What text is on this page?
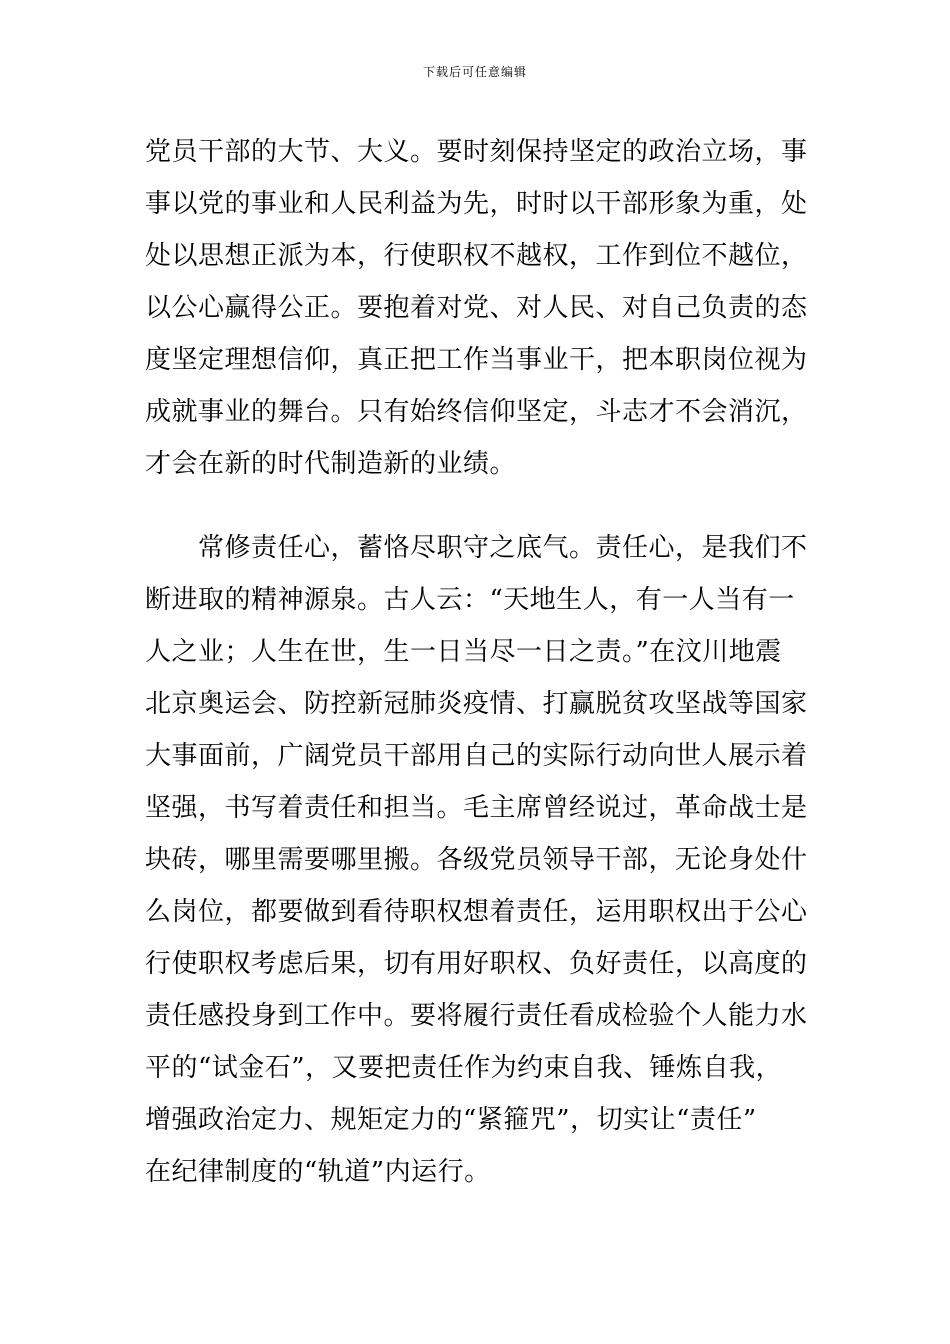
下载后可任意编辑
党员干部的大节、大义。要时刻保持坚定的政治立场，事
事以党的事业和人民利益为先，时时以干部形象为重，处
处以思想正派为本，行使职权不越权，工作到位不越位，
以公心赢得公正。要抱着对党、对人民、对自己负责的态
度坚定理想信仰，真正把工作当事业干，把本职岗位视为
成就事业的舞台。只有始终信仰坚定，斗志才不会消沉，
才会在新的时代制造新的业绩。
　　常修责任心，蓄恪尽职守之底气。责任心，是我们不
断进取的精神源泉。古人云：“天地生人，有一人当有一
人之业；人生在世，生一日当尽一日之责。”在汶川地震
北京奥运会、防控新冠肺炎疫情、打赢脱贫攻坚战等国家
大事面前，广阔党员干部用自己的实际行动向世人展示着
坚强，书写着责任和担当。毛主席曾经说过，革命战士是
块砖，哪里需要哪里搬。各级党员领导干部，无论身处什
么岗位，都要做到看待职权想着责任，运用职权出于公心
行使职权考虑后果，切有用好职权、负好责任，以高度的
责任感投身到工作中。要将履行责任看成检验个人能力水
平的“试金石”，又要把责任作为约束自我、锤炼自我，
增强政治定力、规矩定力的“紧箍咒”，切实让“责任”
在纪律制度的“轨道”内运行。
